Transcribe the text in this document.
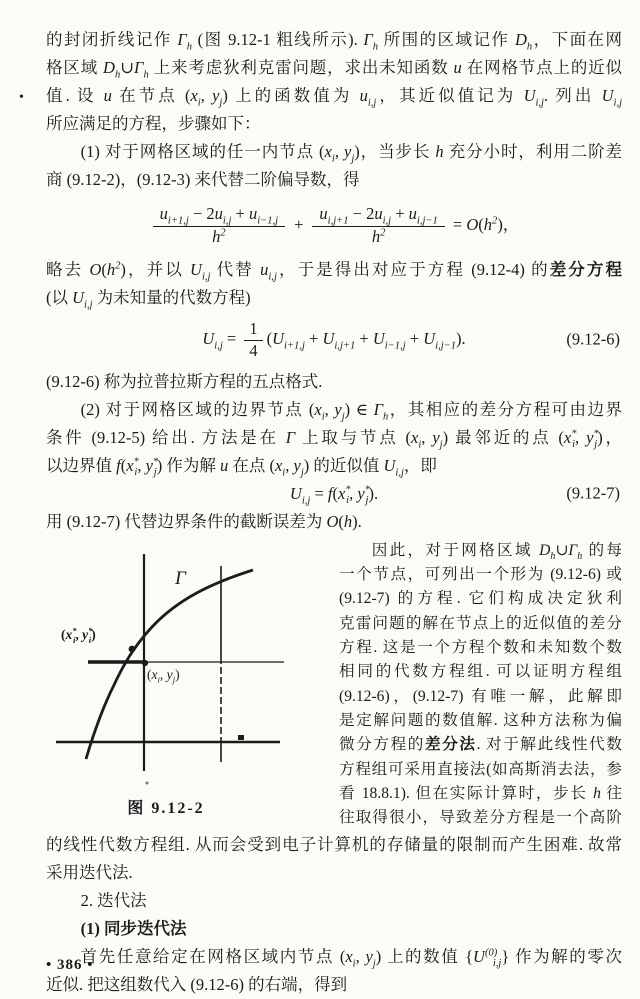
•
的封闭折线记作 $\Gamma_h$ (图 9.12-1 粗线所示). $\Gamma_h$ 所围的区域记作 $D_h$，下面在网
格区域 $D_h\cup\Gamma_h$ 上来考虑狄利克雷问题，求出未知函数 u 在网格节点上的近似
值. 设 u 在节点 ($x_i$, $y_j$) 上的函数值为 $u_{i,j}$，其近似值记为 $U_{i,j}$. 列出 $U_{i,j}$
所应满足的方程，步骤如下：
(1) 对于网格区域的任一内节点 ($x_i$, $y_j$)，当步长 h 充分小时，利用二阶差
商 (9.12-2)，(9.12-3) 来代替二阶偏导数，得
$\frac{u_{i+1,j} - 2u_{i,j} + u_{i-1,j}}{h^2} + \frac{u_{i,j+1} - 2u_{i,j} + u_{i,j-1}}{h^2} = O(h^2)$，
略去 $O(h^2)$，并以 $U_{i,j}$ 代替 $u_{i,j}$，于是得出对应于方程 (9.12-4) 的差分方程
(以 $U_{i,j}$ 为未知量的代数方程)
$U_{i,j} = \frac{1}{4} (U_{i+1,j} + U_{i,j+1} + U_{i-1,j} + U_{i,j-1})$.	(9.12-6)
(9.12-6) 称为拉普拉斯方程的五点格式.
(2) 对于网格区域的边界节点 ($x_i$, $y_j$) ∈ $\Gamma_h$，其相应的差分方程可由边界
条件 (9.12-5) 给出. 方法是在 Γ 上取与节点 ($x_i$, $y_j$) 最邻近的点 ($x^*_i$, $y^*_j$)，
以边界值 $f(x^*_i$, $y^*_j$) 作为解 u 在点 ($x_i$, $y_j$) 的近似值 $U_{i,j}$，即
$U_{i,j} = f(x^*_i$, $y^*_j$).	(9.12-7)
用 (9.12-7) 代替边界条件的截断误差为 O(h).
Γ
($x^*_i$, $y^*_i$)
($x_i$, $y_j$)
图 9.12-2
因此，对于网格区域 $D_h\cup\Gamma_h$ 的每
一个节点，可列出一个形为 (9.12-6) 或
(9.12-7) 的方程. 它们构成决定狄利
克雷问题的解在节点上的近似值的差分
方程. 这是一个方程个数和未知数个数
相同的代数方程组. 可以证明方程组
(9.12-6)，(9.12-7) 有唯一解，此解即
是定解问题的数值解. 这种方法称为偏
微分方程的差分法. 对于解此线性代数
方程组可采用直接法(如高斯消去法，参
看 18.8.1). 但在实际计算时，步长 h 往
往取得很小，导致差分方程是一个高阶
的线性代数方程组. 从而会受到电子计算机的存储量的限制而产生困难. 故常
采用迭代法.
2. 迭代法
(1) 同步迭代法
首先任意给定在网格区域内节点 ($x_i$, $y_j$) 上的数值 $\{U^{(0)}_{i,j}\}$ 作为解的零次
近似. 把这组数代入 (9.12-6) 的右端，得到
• 386 •
